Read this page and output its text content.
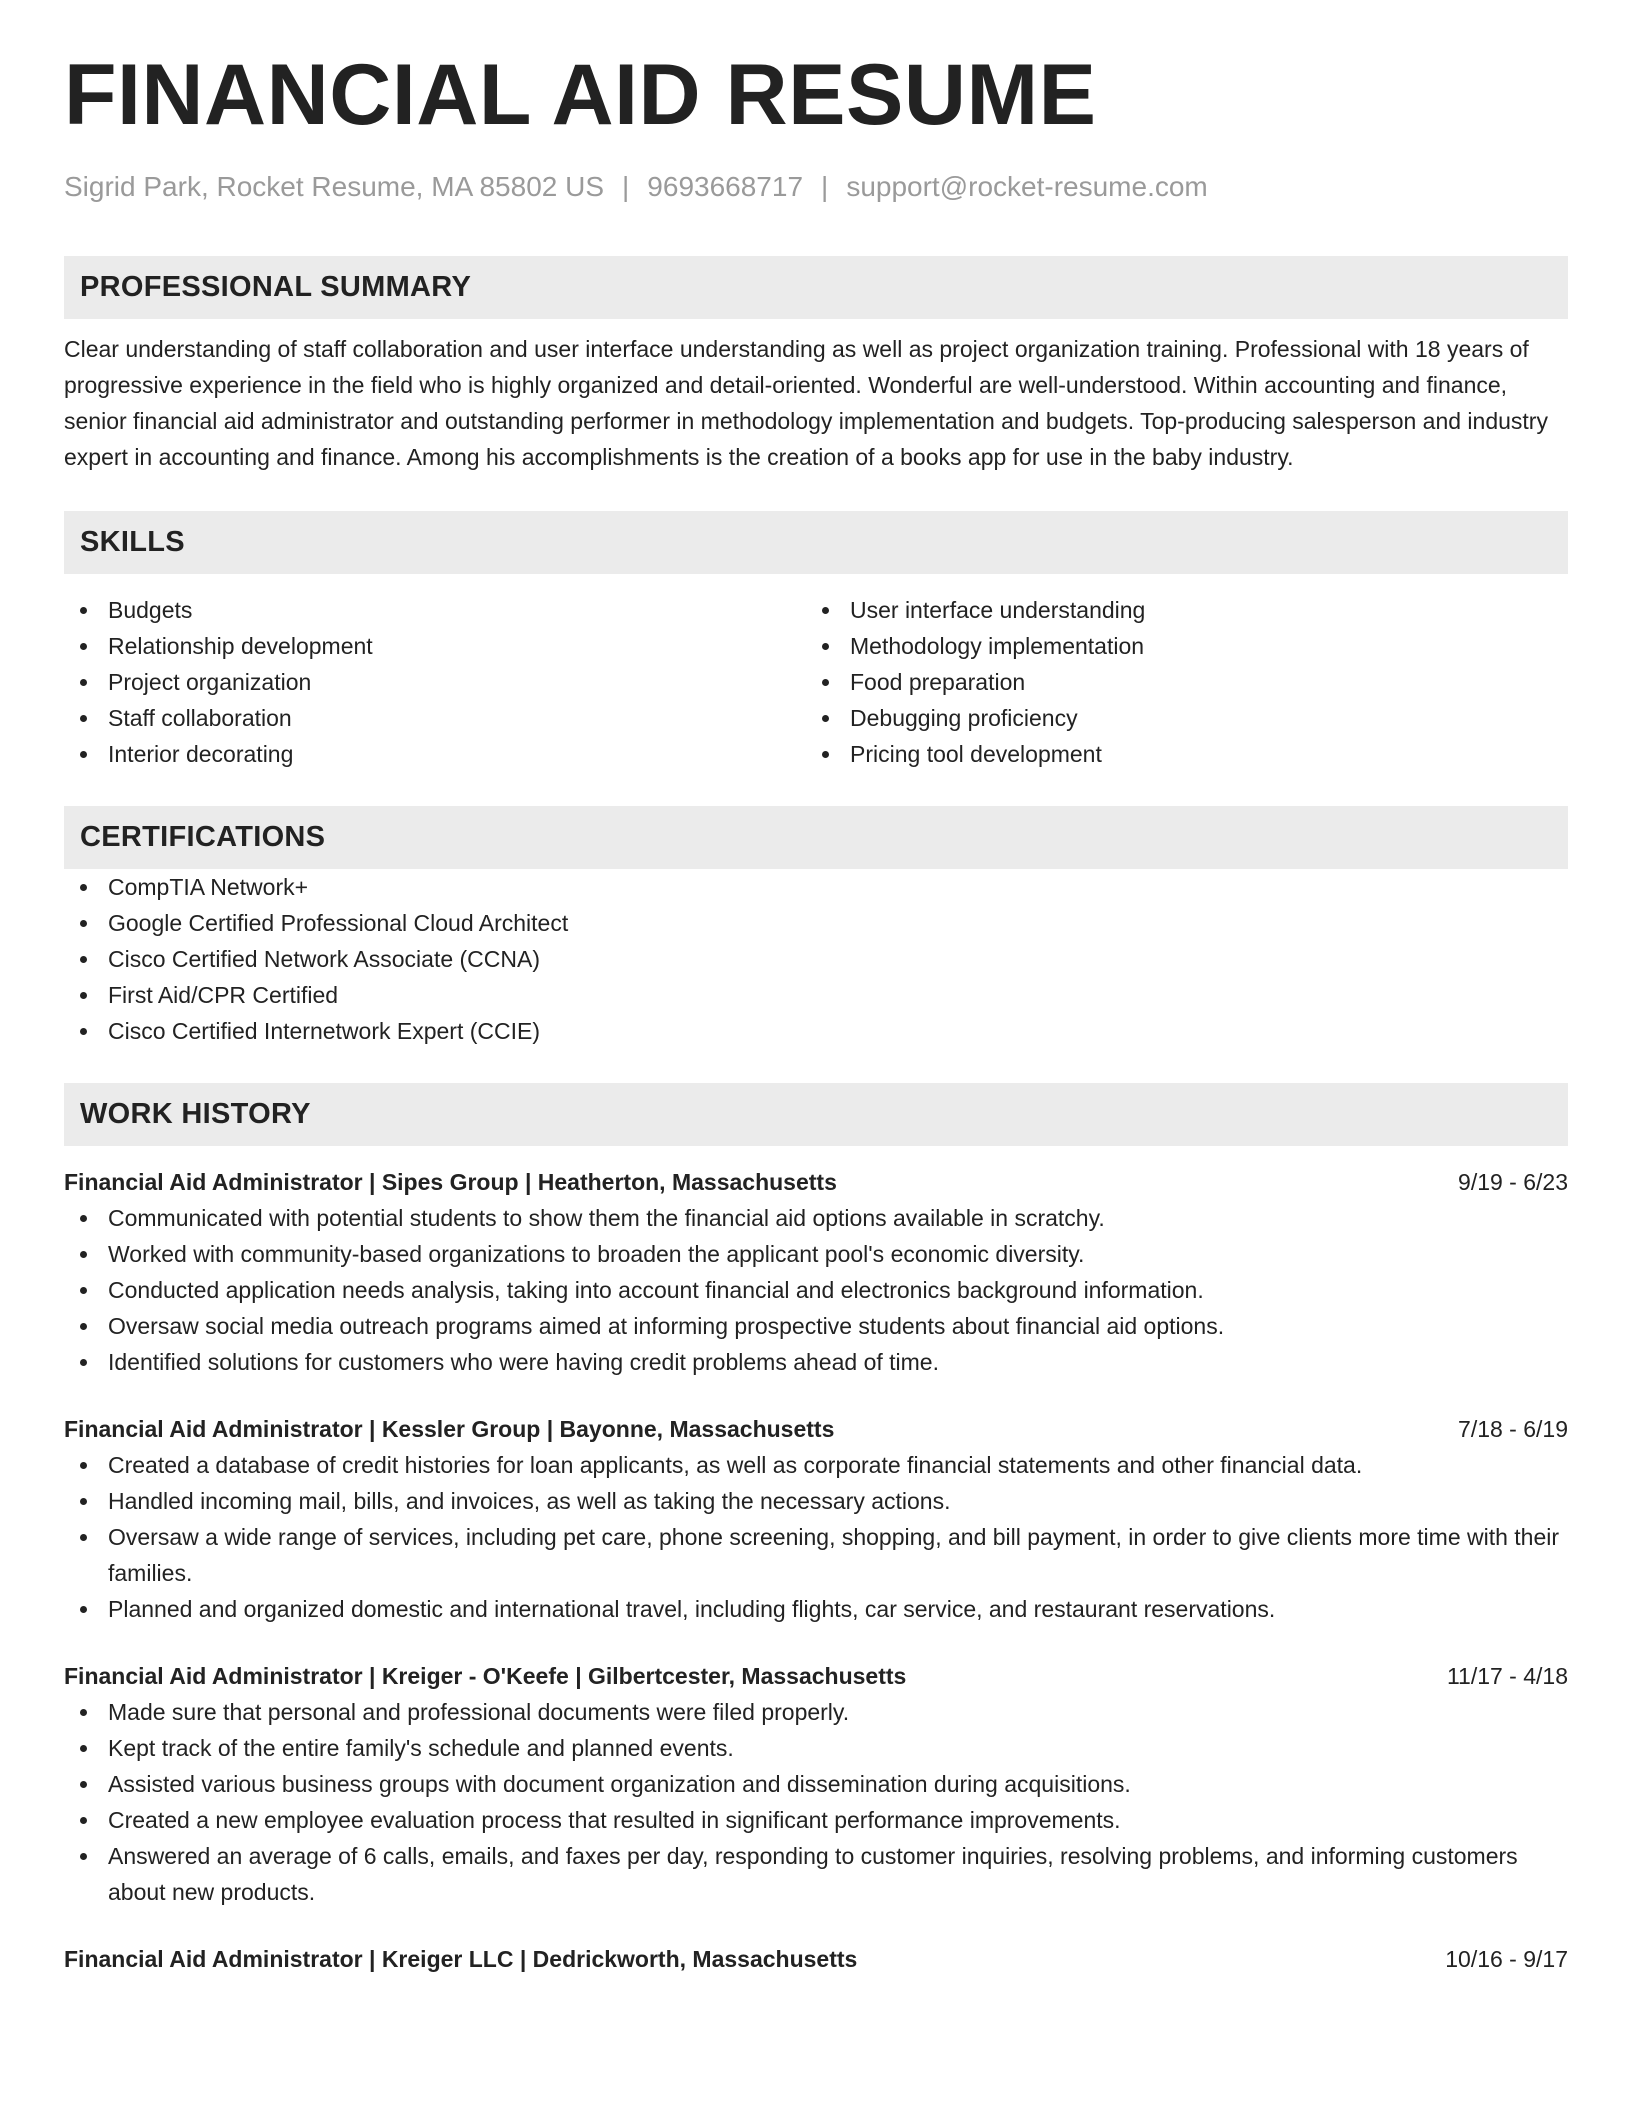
FINANCIAL AID RESUME
Sigrid Park, Rocket Resume, MA 85802 US | 9693668717 | support@rocket-resume.com
PROFESSIONAL SUMMARY

Clear understanding of staff collaboration and user interface understanding as well as project organization training. Professional with 18 years of progressive experience in the field who is highly organized and detail-oriented. Wonderful are well-understood. Within accounting and finance, senior financial aid administrator and outstanding performer in methodology implementation and budgets. Top-producing salesperson and industry expert in accounting and finance. Among his accomplishments is the creation of a books app for use in the baby industry.

SKILLS
Budgets
Relationship development
Project organization
Staff collaboration
Interior decorating
User interface understanding
Methodology implementation
Food preparation
Debugging proficiency
Pricing tool development
CERTIFICATIONS
CompTIA Network+
Google Certified Professional Cloud Architect
Cisco Certified Network Associate (CCNA)
First Aid/CPR Certified
Cisco Certified Internetwork Expert (CCIE)
WORK HISTORY
Financial Aid Administrator | Sipes Group | Heatherton, Massachusetts	9/19 - 6/23
Communicated with potential students to show them the financial aid options available in scratchy.
Worked with community-based organizations to broaden the applicant pool's economic diversity.
Conducted application needs analysis, taking into account financial and electronics background information.
Oversaw social media outreach programs aimed at informing prospective students about financial aid options.
Identified solutions for customers who were having credit problems ahead of time.
Financial Aid Administrator | Kessler Group | Bayonne, Massachusetts	7/18 - 6/19
Created a database of credit histories for loan applicants, as well as corporate financial statements and other financial data.
Handled incoming mail, bills, and invoices, as well as taking the necessary actions.
Oversaw a wide range of services, including pet care, phone screening, shopping, and bill payment, in order to give clients more time with their families.
Planned and organized domestic and international travel, including flights, car service, and restaurant reservations.
Financial Aid Administrator | Kreiger - O'Keefe | Gilbertcester, Massachusetts	11/17 - 4/18
Made sure that personal and professional documents were filed properly.
Kept track of the entire family's schedule and planned events.
Assisted various business groups with document organization and dissemination during acquisitions.
Created a new employee evaluation process that resulted in significant performance improvements.
Answered an average of 6 calls, emails, and faxes per day, responding to customer inquiries, resolving problems, and informing customers about new products.
Financial Aid Administrator | Kreiger LLC | Dedrickworth, Massachusetts	10/16 - 9/17
